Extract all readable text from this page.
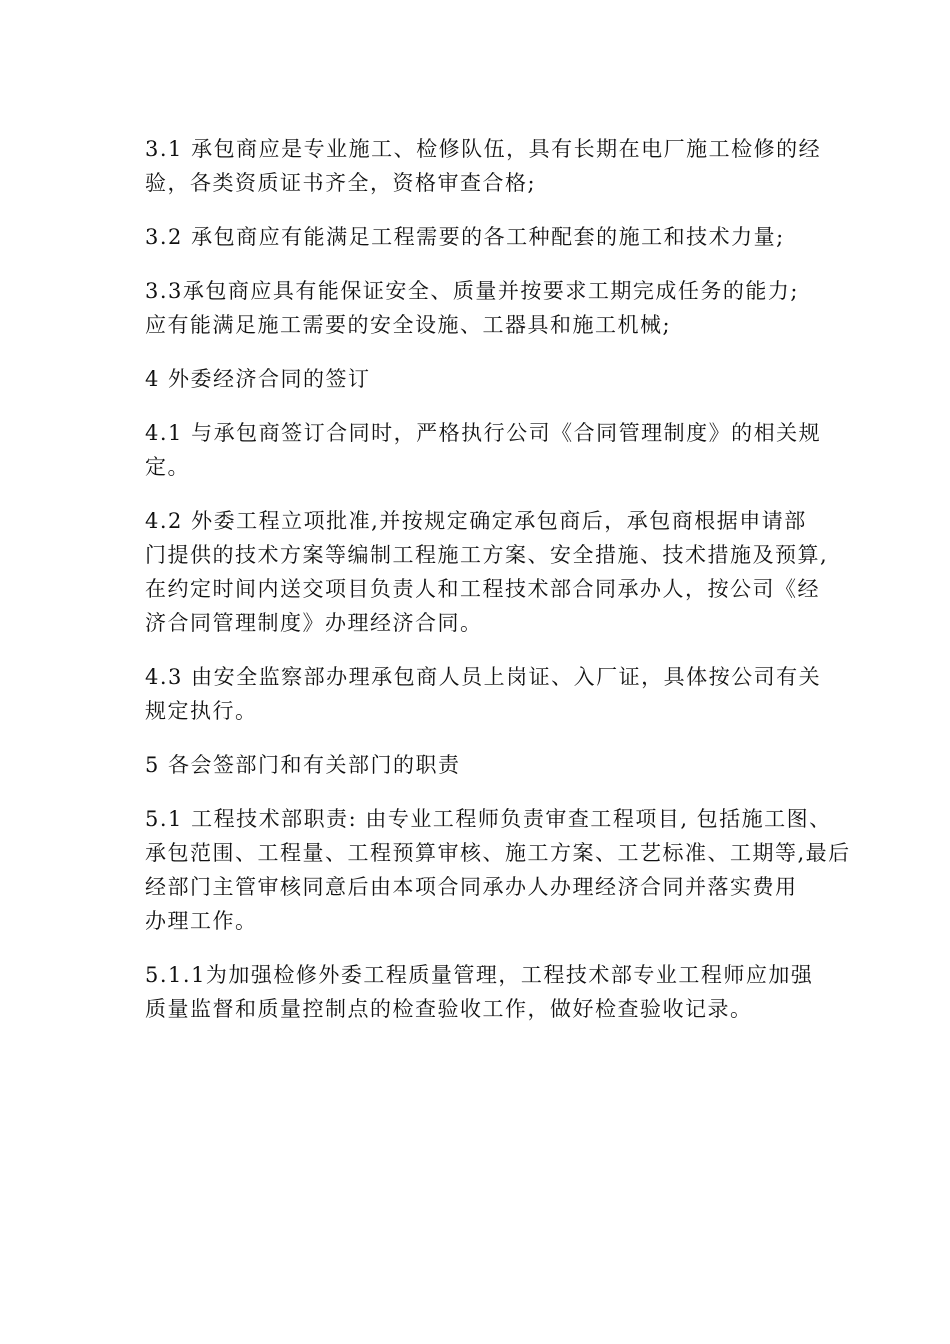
3.1 承包商应是专业施工、检修队伍，具有长期在电厂施工检修的经
验，各类资质证书齐全，资格审查合格;
3.2 承包商应有能满足工程需要的各工种配套的施工和技术力量;
3.3承包商应具有能保证安全、质量并按要求工期完成任务的能力;
应有能满足施工需要的安全设施、工器具和施工机械;
4 外委经济合同的签订
4.1 与承包商签订合同时，严格执行公司《合同管理制度》的相关规
定。
4.2 外委工程立项批准,并按规定确定承包商后，承包商根据申请部
门提供的技术方案等编制工程施工方案、安全措施、技术措施及预算,
在约定时间内送交项目负责人和工程技术部合同承办人，按公司《经
济合同管理制度》办理经济合同。
4.3 由安全监察部办理承包商人员上岗证、入厂证，具体按公司有关
规定执行。
5 各会签部门和有关部门的职责
5.1 工程技术部职责: 由专业工程师负责审查工程项目, 包括施工图、
承包范围、工程量、工程预算审核、施工方案、工艺标准、工期等,最后
经部门主管审核同意后由本项合同承办人办理经济合同并落实费用
办理工作。
5.1.1为加强检修外委工程质量管理，工程技术部专业工程师应加强
质量监督和质量控制点的检查验收工作，做好检查验收记录。
